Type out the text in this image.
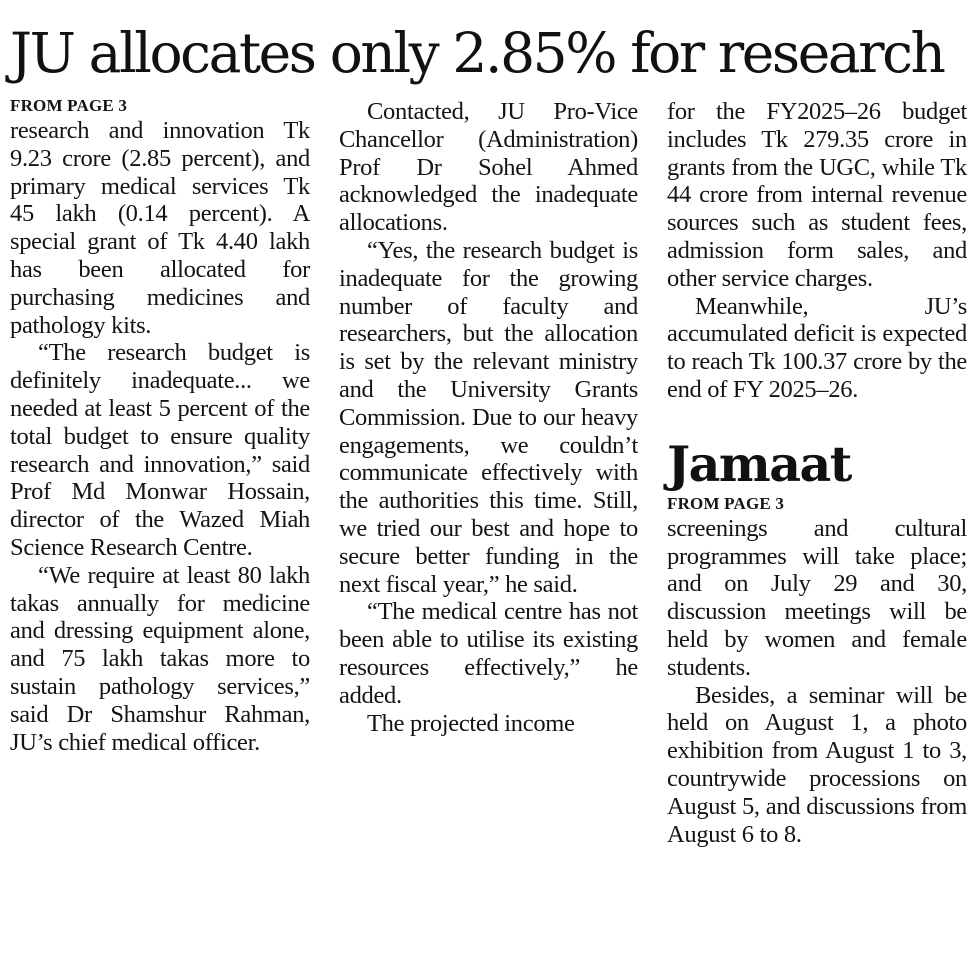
JU allocates only 2.85% for research
FROM PAGE 3

research and innovation Tk 9.23 crore (2.85 percent), and primary medical services Tk 45 lakh (0.14 percent). A special grant of Tk 4.40 lakh has been allocated for purchasing medicines and pathology kits.

“The research budget is definitely inadequate... we needed at least 5 percent of the total budget to ensure quality research and innovation,” said Prof Md Monwar Hossain, director of the Wazed Miah Science Research Centre.

“We require at least 80 lakh takas annually for medicine and dressing equipment alone, and 75 lakh takas more to sustain pathology services,” said Dr Shamshur Rahman, JU’s chief medical officer.

Contacted, JU Pro-Vice Chancellor (Administration) Prof Dr Sohel Ahmed acknowledged the inadequate allocations.

“Yes, the research budget is inadequate for the growing number of faculty and researchers, but the allocation is set by the relevant ministry and the University Grants Commission. Due to our heavy engagements, we couldn’t communicate effectively with the authorities this time. Still, we tried our best and hope to secure better funding in the next fiscal year,” he said.

“The medical centre has not been able to utilise its existing resources effectively,” he added.

The projected income

for the FY2025–26 budget includes Tk 279.35 crore in grants from the UGC, while Tk 44 crore from internal revenue sources such as student fees, admission form sales, and other service charges.

Meanwhile, JU’s accumulated deficit is expected to reach Tk 100.37 crore by the end of FY 2025–26.

Jamaat
FROM PAGE 3

screenings and cultural programmes will take place; and on July 29 and 30, discussion meetings will be held by women and female students.

Besides, a seminar will be held on August 1, a photo exhibition from August 1 to 3, countrywide processions on August 5, and discussions from August 6 to 8.
